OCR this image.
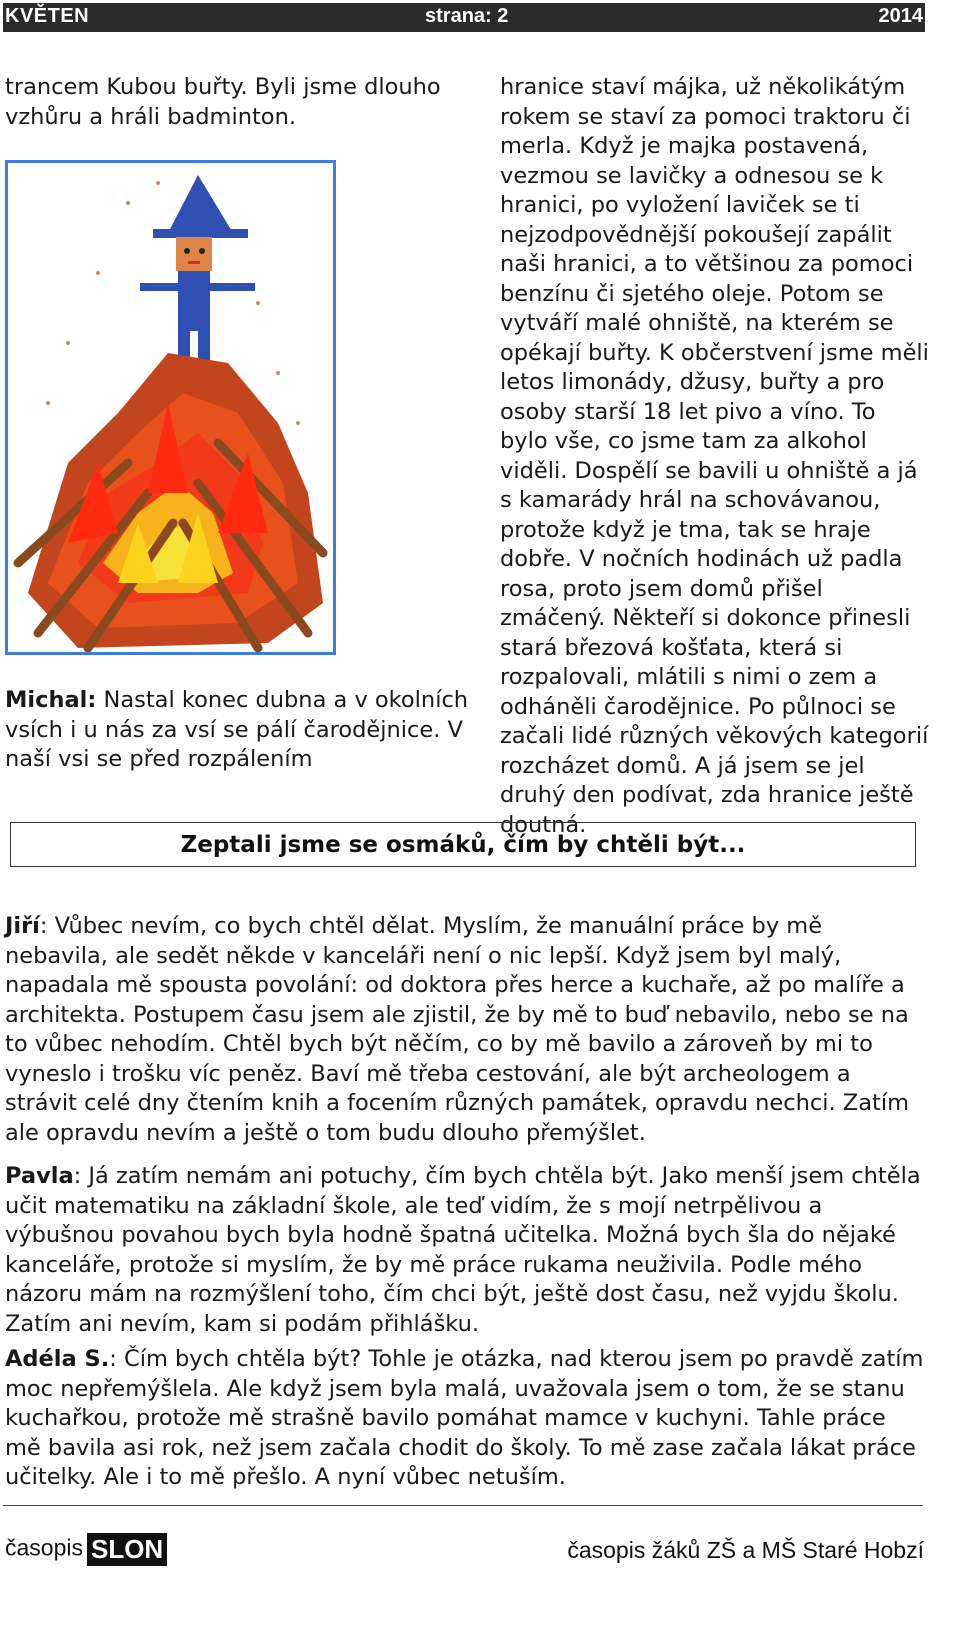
KVĚTEN	strana: 2	2014

trancem Kubou buřty. Byli jsme dlouho vzhůru a hráli badminton.

Michal: Nastal konec dubna a v okolních vsích i u nás za vsí se pálí čarodějnice. V naší vsi se před rozpálením

hranice staví májka, už několikátým rokem se staví za pomoci traktoru či merla. Když je majka postavená, vezmou se lavičky a odnesou se k hranici, po vyložení laviček se ti nejzodpovědnější pokoušejí zapálit naši hranici, a to většinou za pomoci benzínu či sjetého oleje. Potom se vytváří malé ohniště, na kterém se opékají buřty. K občerstvení jsme měli letos limonády, džusy, buřty a pro osoby starší 18 let pivo a víno. To bylo vše, co jsme tam za alkohol viděli. Dospělí se bavili u ohniště a já s kamarády hrál na schovávanou, protože když je tma, tak se hraje dobře. V nočních hodinách už padla rosa, proto jsem domů přišel zmáčený. Někteří si dokonce přinesli stará březová košťata, která si rozpalovali, mlátili s nimi o zem a odháněli čarodějnice. Po půlnoci se začali lidé různých věkových kategorií rozcházet domů. A já jsem se jel druhý den podívat, zda hranice ještě doutná.

Zeptali jsme se osmáků, čím by chtěli být...

Jiří: Vůbec nevím, co bych chtěl dělat. Myslím, že manuální práce by mě nebavila, ale sedět někde v kanceláři není o nic lepší. Když jsem byl malý, napadala mě spousta povolání: od doktora přes herce a kuchaře, až po malíře a architekta. Postupem času jsem ale zjistil, že by mě to buď nebavilo, nebo se na to vůbec nehodím. Chtěl bych být něčím, co by mě bavilo a zároveň by mi to vyneslo i trošku víc peněz. Baví mě třeba cestování, ale být archeologem a strávit celé dny čtením knih a focením různých památek, opravdu nechci. Zatím ale opravdu nevím a ještě o tom budu dlouho přemýšlet.

Pavla: Já zatím nemám ani potuchy, čím bych chtěla být. Jako menší jsem chtěla učit matematiku na základní škole, ale teď vidím, že s mojí netrpělivou a výbušnou povahou bych byla hodně špatná učitelka. Možná bych šla do nějaké kanceláře, protože si myslím, že by mě práce rukama neuživila. Podle mého názoru mám na rozmýšlení toho, čím chci být, ještě dost času, než vyjdu školu. Zatím ani nevím, kam si podám přihlášku.

Adéla S.: Čím bych chtěla být? Tohle je otázka, nad kterou jsem po pravdě zatím moc nepřemýšlela. Ale když jsem byla malá, uvažovala jsem o tom, že se stanu kuchařkou, protože mě strašně bavilo pomáhat mamce v kuchyni. Tahle práce mě bavila asi rok, než jsem začala chodit do školy. To mě zase začala lákat práce učitelky. Ale i to mě přešlo. A nyní vůbec netuším.

časopis SLON	časopis žáků ZŠ a MŠ Staré Hobzí
